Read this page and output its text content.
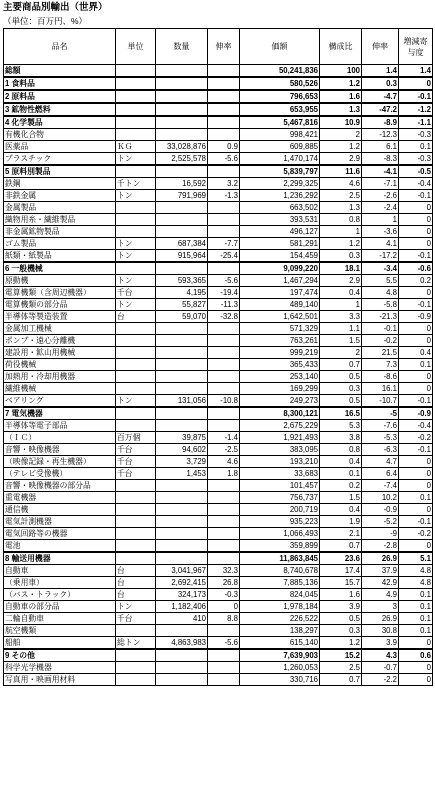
主要商品別輸出（世界）
（単位：百万円、%）
品名	単位	数量	伸率	価額	構成比	伸率	増減寄与度
総額				50,241,836	100	1.4	1.4
1 食料品				580,526	1.2	0.3	0
2 原料品				796,653	1.6	-4.7	-0.1
3 鉱物性燃料				653,955	1.3	-47.2	-1.2
4 化学製品				5,467,816	10.9	-8.9	-1.1
有機化合物				998,421	2	-12.3	-0.3
医薬品	ＫＧ	33,028,876	0.9	609,885	1.2	6.1	0.1
プラスチック	トン	2,525,578	-5.6	1,470,174	2.9	-8.3	-0.3
5 原料別製品				5,839,797	11.6	-4.1	-0.5
鉄鋼	千トン	16,592	3.2	2,299,325	4.6	-7.1	-0.4
非鉄金属	トン	791,969	-1.3	1,236,292	2.5	-2.6	-0.1
金属製品				663,502	1.3	-2.4	0
織物用糸・繊維製品				393,531	0.8	1	0
非金属鉱物製品				496,127	1	-3.6	0
ゴム製品	トン	687,384	-7.7	581,291	1.2	4.1	0
紙類・紙製品	トン	915,964	-25.4	154,459	0.3	-17.2	-0.1
6 一般機械				9,099,220	18.1	-3.4	-0.6
原動機	トン	593,365	-5.6	1,467,294	2.9	5.5	0.2
電算機類（含周辺機器）	千台	4,195	-19.4	197,474	0.4	4.8	0
電算機類の部分品	トン	55,827	-11.3	489,140	1	-5.8	-0.1
半導体等製造装置	台	59,070	-32.8	1,642,501	3.3	-21.3	-0.9
金属加工機械				571,329	1.1	-0.1	0
ポンプ・遠心分離機				763,261	1.5	-0.2	0
建設用・鉱山用機械				999,219	2	21.5	0.4
荷役機械				365,433	0.7	7.3	0.1
加熱用・冷却用機器				253,140	0.5	-8.6	0
繊維機械				169,299	0.3	16.1	0
ベアリング	トン	131,056	-10.8	249,273	0.5	-10.7	-0.1
7 電気機器				8,300,121	16.5	-5	-0.9
半導体等電子部品				2,675,229	5.3	-7.6	-0.4
（ＩＣ）	百万個	39,875	-1.4	1,921,493	3.8	-5.3	-0.2
音響・映像機器	千台	94,602	-2.5	383,095	0.8	-6.3	-0.1
（映像記録・再生機器）	千台	3,729	4.6	193,210	0.4	4.7	0
（テレビ受像機）	千台	1,453	1.8	33,683	0.1	6.4	0
音響・映像機器の部分品				101,457	0.2	-7.4	0
重電機器				756,737	1.5	10.2	0.1
通信機				200,719	0.4	-0.9	0
電気計測機器				935,223	1.9	-5.2	-0.1
電気回路等の機器				1,066,493	2.1	-9	-0.2
電池				359,899	0.7	-2.8	0
8 輸送用機器				11,863,845	23.6	26.9	5.1
自動車	台	3,041,967	32.3	8,740,678	17.4	37.9	4.8
（乗用車）	台	2,692,415	26.8	7,885,136	15.7	42.9	4.8
（バス・トラック）	台	324,173	-0.3	824,045	1.6	4.9	0.1
自動車の部分品	トン	1,182,406	0	1,978,184	3.9	3	0.1
二輪自動車	千台	410	8.8	226,522	0.5	26.9	0.1
航空機類				138,297	0.3	30.8	0.1
船舶	総トン	4,863,983	-5.6	615,140	1.2	3.9	0
9 その他				7,639,903	15.2	4.3	0.6
科学光学機器				1,260,053	2.5	-0.7	0
写真用・映画用材料				330,716	0.7	-2.2	0
